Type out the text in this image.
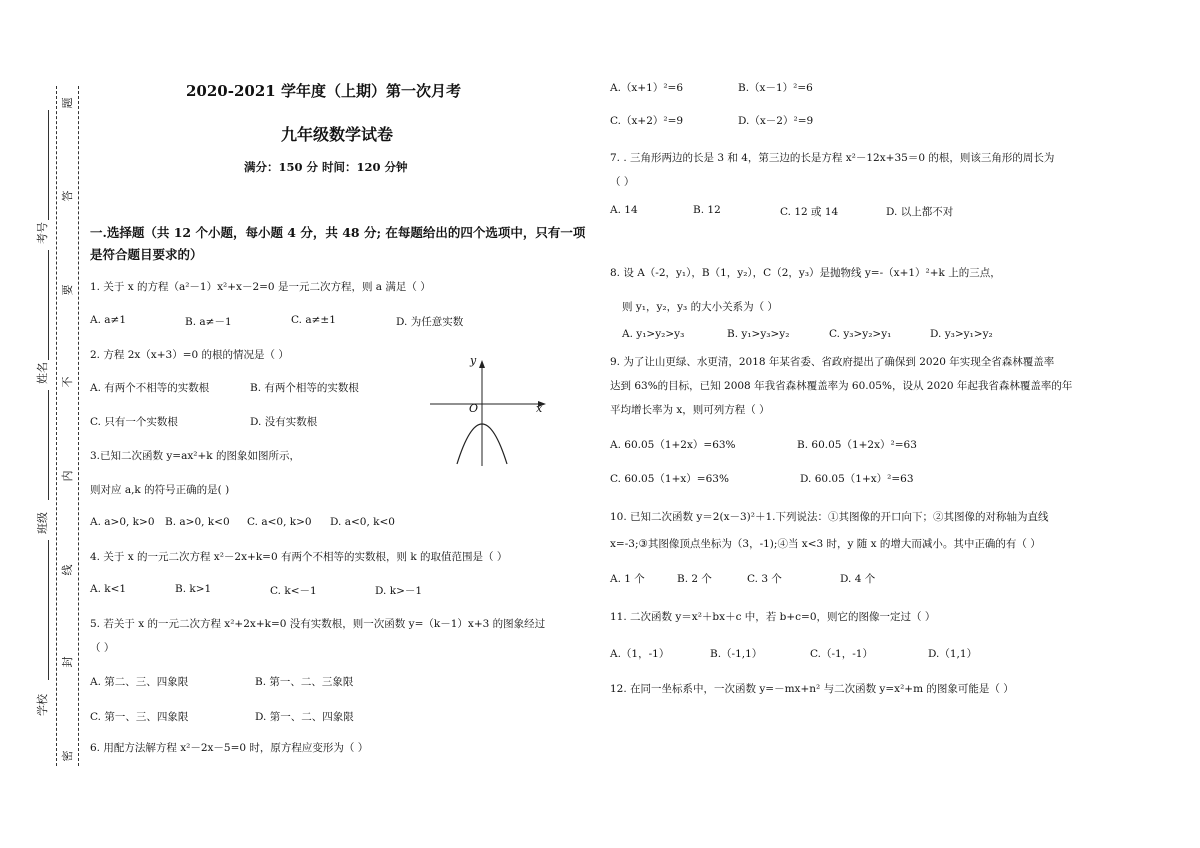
考号
姓名
班级
学校
题
答
要
不
内
线
封
密
2020-2021 学年度（上期）第一次月考
九年级数学试卷
满分：150 分 时间：120 分钟
一.选择题（共 12 个小题，每小题 4 分，共 48 分; 在每题给出的四个选项中，只有一项是符合题目要求的）
1. 关于 x 的方程（a²－1）x²+x－2=0 是一元二次方程，则 a 满足（ ）
A. a≠1	B. a≠－1	C. a≠±1	D. 为任意实数
2. 方程 2x（x+3）=0 的根的情况是（ ）
A. 有两个不相等的实数根	B. 有两个相等的实数根
C. 只有一个实数根	D. 没有实数根
y
x
O
3.已知二次函数 y=ax²+k 的图象如图所示，
则对应 a,k 的符号正确的是( )
A. a>0, k>0 B. a>0, k<0 C. a<0, k>0 D. a<0, k<0
4. 关于 x 的一元二次方程 x²－2x+k=0 有两个不相等的实数根，则 k 的取值范围是（ ）
A. k<1	B. k>1	C. k<－1	D. k>－1
5. 若关于 x 的一元二次方程 x²+2x+k=0 没有实数根，则一次函数 y=（k－1）x+3 的图象经过
（ ）
A. 第二、三、四象限	B. 第一、二、三象限
C. 第一、三、四象限	D. 第一、二、四象限
6. 用配方法解方程 x²－2x－5=0 时，原方程应变形为（ ）
A.（x+1）²=6	B.（x－1）²=6
C.（x+2）²=9	D.（x－2）²=9
7. . 三角形两边的长是 3 和 4，第三边的长是方程 x²－12x+35＝0 的根，则该三角形的周长为
（ ）
A. 14	B. 12	C. 12 或 14	D. 以上都不对
8. 设 A（-2，y₁），B（1，y₂），C（2，y₃）是抛物线 y=-（x+1）²+k 上的三点，
则 y₁，y₂，y₃ 的大小关系为（ ）
A. y₁>y₂>y₃	B. y₁>y₃>y₂	C. y₃>y₂>y₁	D. y₃>y₁>y₂
9. 为了让山更绿、水更清，2018 年某省委、省政府提出了确保到 2020 年实现全省森林覆盖率
达到 63%的目标，已知 2008 年我省森林覆盖率为 60.05%，设从 2020 年起我省森林覆盖率的年
平均增长率为 x，则可列方程（ ）
A. 60.05（1+2x）=63%	B. 60.05（1+2x）²=63
C. 60.05（1+x）=63%	D. 60.05（1+x）²=63
10. 已知二次函数 y＝2(x－3)²＋1.下列说法：①其图像的开口向下；②其图像的对称轴为直线
x=-3;③其图像顶点坐标为（3，-1);④当 x<3 时，y 随 x 的增大而减小。其中正确的有（ ）
A. 1 个	B. 2 个	C. 3 个	D. 4 个
11. 二次函数 y＝x²＋bx＋c 中，若 b+c=0，则它的图像一定过（ ）
A.（1，-1）	B.（-1,1）	C.（-1，-1）	D.（1,1）
12. 在同一坐标系中，一次函数 y=－mx+n² 与二次函数 y=x²+m 的图象可能是（ ）
